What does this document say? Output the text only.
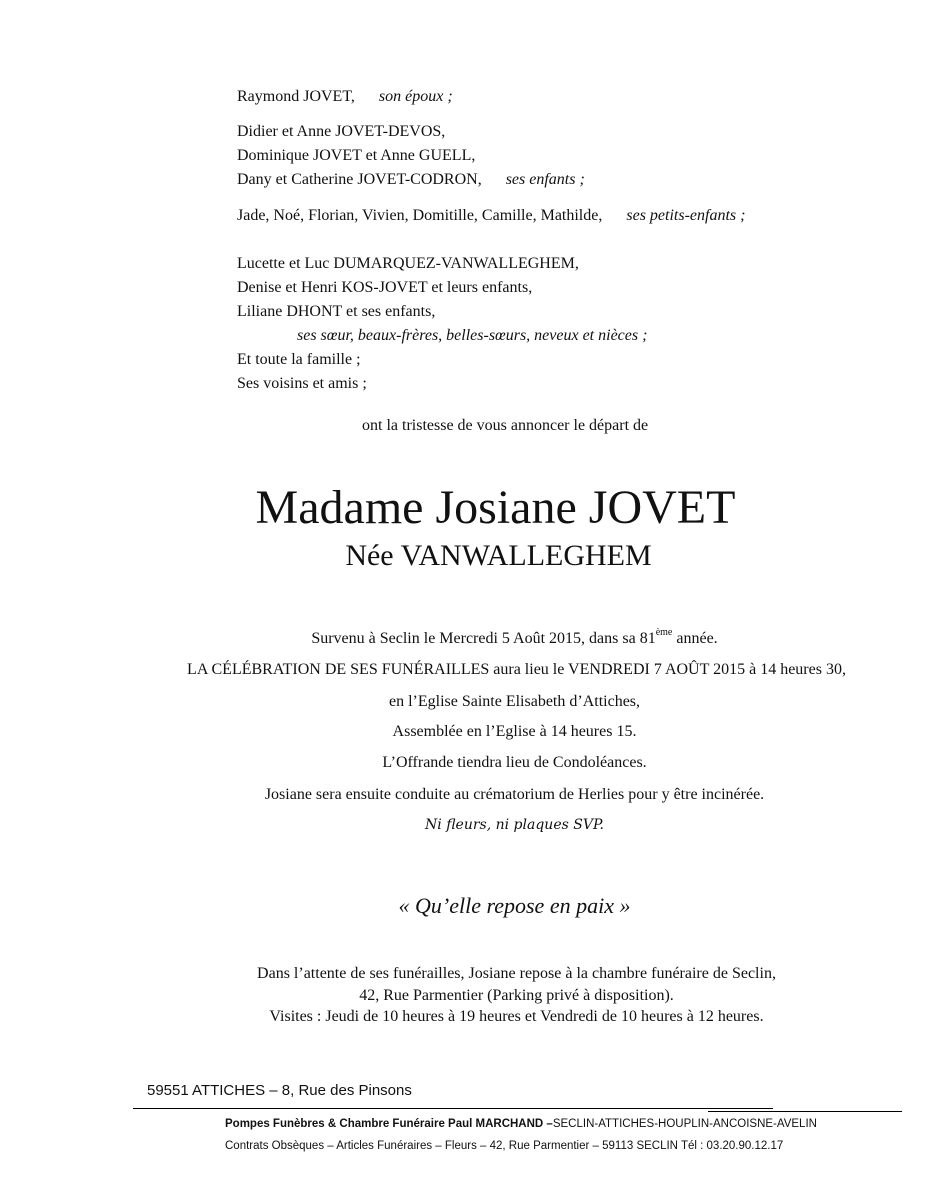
Raymond JOVET, son époux ;
Didier et Anne JOVET-DEVOS,
Dominique JOVET et Anne GUELL,
Dany et Catherine JOVET-CODRON, ses enfants ;
Jade, Noé, Florian, Vivien, Domitille, Camille, Mathilde, ses petits-enfants ;
Lucette et Luc DUMARQUEZ-VANWALLEGHEM,
Denise et Henri KOS-JOVET et leurs enfants,
Liliane DHONT et ses enfants,
ses sœur, beaux-frères, belles-sœurs, neveux et nièces ;
Et toute la famille ;
Ses voisins et amis ;
ont la tristesse de vous annoncer le départ de
Madame Josiane JOVET
Née VANWALLEGHEM
Survenu à Seclin le Mercredi 5 Août 2015, dans sa 81ème année.
LA CÉLÉBRATION DE SES FUNÉRAILLES aura lieu le VENDREDI 7 AOÛT 2015 à 14 heures 30,
en l’Eglise Sainte Elisabeth d’Attiches,
Assemblée en l’Eglise à 14 heures 15.
L’Offrande tiendra lieu de Condoléances.
Josiane sera ensuite conduite au crématorium de Herlies pour y être incinérée.
Ni fleurs, ni plaques SVP.
« Qu’elle repose en paix »
Dans l’attente de ses funérailles, Josiane repose à la chambre funéraire de Seclin,
42, Rue Parmentier (Parking privé à disposition).
Visites : Jeudi de 10 heures à 19 heures et Vendredi de 10 heures à 12 heures.
59551 ATTICHES – 8, Rue des Pinsons
Pompes Funèbres & Chambre Funéraire Paul MARCHAND –SECLIN-ATTICHES-HOUPLIN-ANCOISNE-AVELIN
Contrats Obsèques – Articles Funéraires – Fleurs – 42, Rue Parmentier – 59113 SECLIN Tél : 03.20.90.12.17
